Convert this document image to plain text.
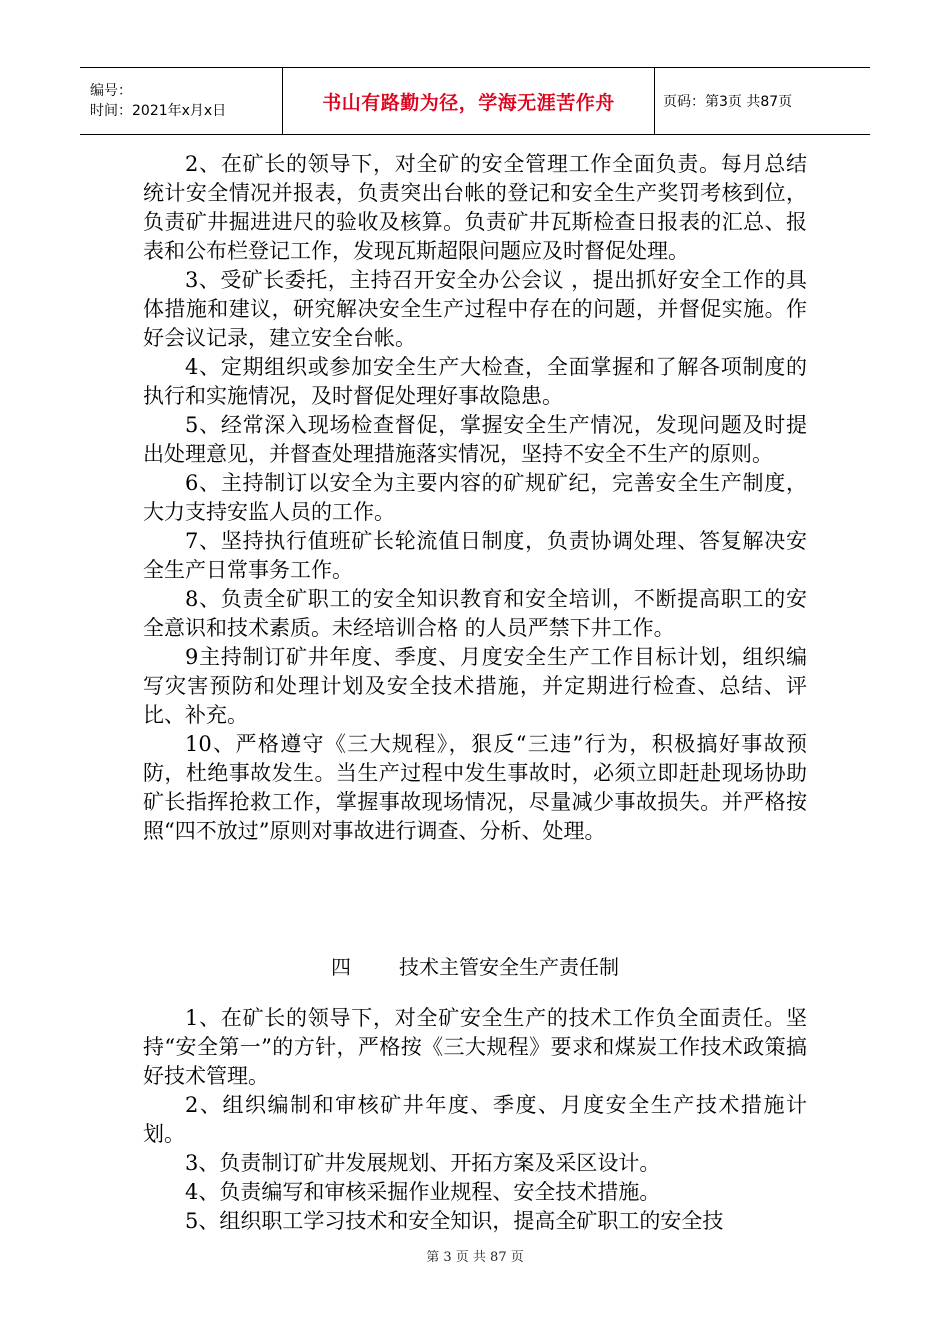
编号：
时间：2021年x月x日	书山有路勤为径，学海无涯苦作舟	页码：第3页 共87页

2、在矿长的领导下，对全矿的安全管理工作全面负责。每月总结统计安全情况并报表，负责突出台帐的登记和安全生产奖罚考核到位，负责矿井掘进进尺的验收及核算。负责矿井瓦斯检查日报表的汇总、报表和公布栏登记工作，发现瓦斯超限问题应及时督促处理。

3、受矿长委托，主持召开安全办公会议 ，提出抓好安全工作的具体措施和建议，研究解决安全生产过程中存在的问题，并督促实施。作好会议记录，建立安全台帐。

4、定期组织或参加安全生产大检查，全面掌握和了解各项制度的执行和实施情况，及时督促处理好事故隐患。

5、经常深入现场检查督促，掌握安全生产情况，发现问题及时提出处理意见，并督查处理措施落实情况，坚持不安全不生产的原则。

6、主持制订以安全为主要内容的矿规矿纪，完善安全生产制度，大力支持安监人员的工作。

7、坚持执行值班矿长轮流值日制度，负责协调处理、答复解决安全生产日常事务工作。

8、负责全矿职工的安全知识教育和安全培训，不断提高职工的安全意识和技术素质。未经培训合格 的人员严禁下井工作。

9主持制订矿井年度、季度、月度安全生产工作目标计划，组织编写灾害预防和处理计划及安全技术措施，并定期进行检查、总结、评比、补充。

10、严格遵守《三大规程》，狠反“三违”行为，积极搞好事故预防，杜绝事故发生。当生产过程中发生事故时，必须立即赶赴现场协助矿长指挥抢救工作，掌握事故现场情况，尽量减少事故损失。并严格按照“四不放过”原则对事故进行调查、分析、处理。

四 技术主管安全生产责任制

1、在矿长的领导下，对全矿安全生产的技术工作负全面责任。坚持“安全第一”的方针，严格按《三大规程》要求和煤炭工作技术政策搞好技术管理。

2、组织编制和审核矿井年度、季度、月度安全生产技术措施计划。

3、负责制订矿井发展规划、开拓方案及采区设计。

4、负责编写和审核采掘作业规程、安全技术措施。

5、组织职工学习技术和安全知识，提高全矿职工的安全技

第 3 页 共 87 页
